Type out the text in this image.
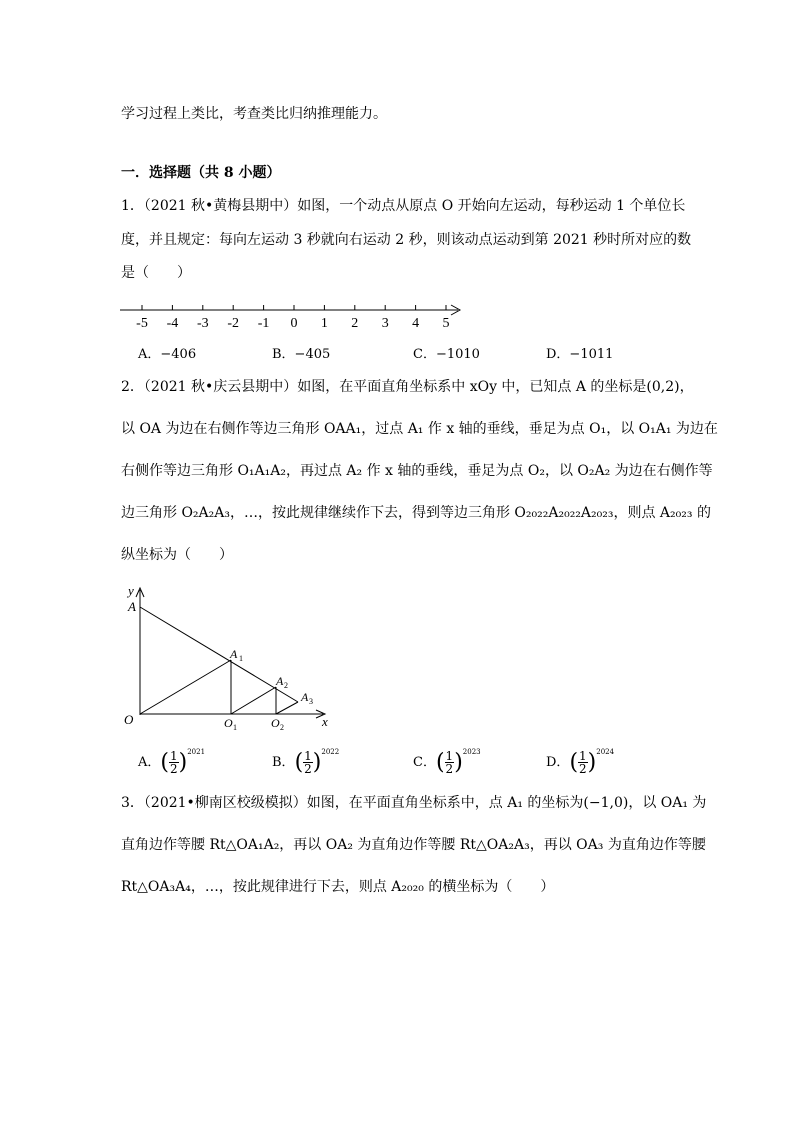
学习过程上类比，考查类比归纳推理能力。
一．选择题（共 8 小题）
1．（2021 秋•黄梅县期中）如图，一个动点从原点 O 开始向左运动，每秒运动 1 个单位长
度，并且规定：每向左运动 3 秒就向右运动 2 秒，则该动点运动到第 2021 秒时所对应的数
是（　　）
-5 -4 -3 -2 -1 0 1 2 3 4 5
A．−406	B．−405	C．−1010	D．−1011
2．（2021 秋•庆云县期中）如图，在平面直角坐标系中 xOy 中，已知点 A 的坐标是(0,2)，
以 OA 为边在右侧作等边三角形 OAA₁，过点 A₁ 作 x 轴的垂线，垂足为点 O₁，以 O₁A₁ 为边在
右侧作等边三角形 O₁A₁A₂，再过点 A₂ 作 x 轴的垂线，垂足为点 O₂，以 O₂A₂ 为边在右侧作等
边三角形 O₂A₂A₃，…，按此规律继续作下去，得到等边三角形 O₂₀₂₂A₂₀₂₂A₂₀₂₃，则点 A₂₀₂₃ 的
纵坐标为（　　）
y
A
A 1
A 2
A 3
O	O 1	O 2	x
A．( $\frac{1}{2} )^{2021}$
B．( $\frac{1}{2} )^{2022}$
C．( $\frac{1}{2} )^{2023}$
D．( $\frac{1}{2} )^{2024}$
3．（2021•柳南区校级模拟）如图，在平面直角坐标系中，点 A₁ 的坐标为(−1,0)，以 OA₁ 为
直角边作等腰 Rt△OA₁A₂，再以 OA₂ 为直角边作等腰 Rt△OA₂A₃，再以 OA₃ 为直角边作等腰
Rt△OA₃A₄，…，按此规律进行下去，则点 A₂₀₂₀ 的横坐标为（　　）
